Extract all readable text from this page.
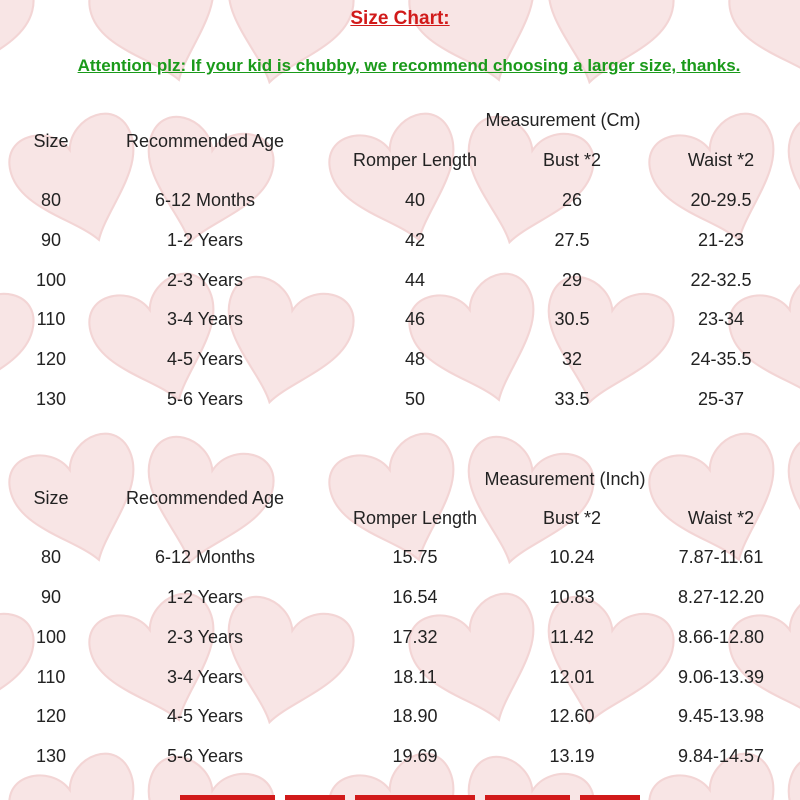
Size Chart:
Attention plz: If your kid is chubby, we recommend choosing a larger size, thanks.
Measurement (Cm)
Size	Recommended Age
Romper Length	Bust *2	Waist *2
80	6-12 Months	40	26	20-29.5
90	1-2 Years	42	27.5	21-23
100	2-3 Years	44	29	22-32.5
110	3-4 Years	46	30.5	23-34
120	4-5 Years	48	32	24-35.5
130	5-6 Years	50	33.5	25-37
Measurement (Inch)
Size	Recommended Age
Romper Length	Bust *2	Waist *2
80	6-12 Months	15.75	10.24	7.87-11.61
90	1-2 Years	16.54	10.83	8.27-12.20
100	2-3 Years	17.32	11.42	8.66-12.80
110	3-4 Years	18.11	12.01	9.06-13.39
120	4-5 Years	18.90	12.60	9.45-13.98
130	5-6 Years	19.69	13.19	9.84-14.57
